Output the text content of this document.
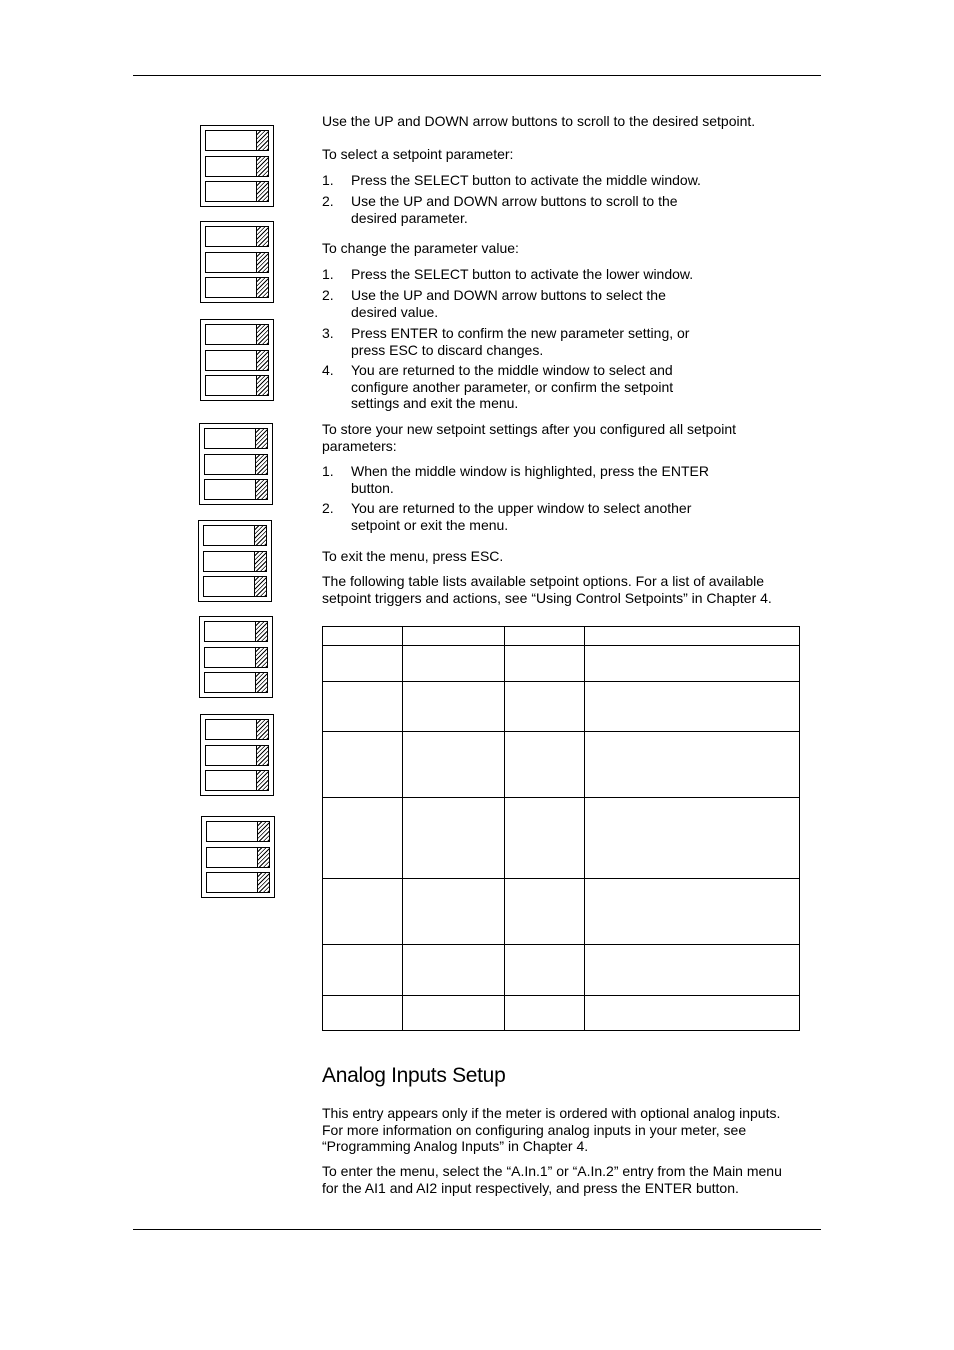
Use the UP and DOWN arrow buttons to scroll to the desired setpoint.
To select a setpoint parameter:
1. Press the SELECT button to activate the middle window.
2. Use the UP and DOWN arrow buttons to scroll to the desired parameter.
To change the parameter value:
1. Press the SELECT button to activate the lower window.
2. Use the UP and DOWN arrow buttons to select the desired value.
3. Press ENTER to confirm the new parameter setting, or press ESC to discard changes.
4. You are returned to the middle window to select and configure another parameter, or confirm the setpoint settings and exit the menu.
To store your new setpoint settings after you configured all setpoint parameters:
1. When the middle window is highlighted, press the ENTER button.
2. You are returned to the upper window to select another setpoint or exit the menu.
To exit the menu, press ESC.
The following table lists available setpoint options. For a list of available setpoint triggers and actions, see “Using Control Setpoints” in Chapter 4.
Analog Inputs Setup
This entry appears only if the meter is ordered with optional analog inputs. For more information on configuring analog inputs in your meter, see “Programming Analog Inputs” in Chapter 4.
To enter the menu, select the “A.In.1” or “A.In.2” entry from the Main menu for the AI1 and AI2 input respectively, and press the ENTER button.
